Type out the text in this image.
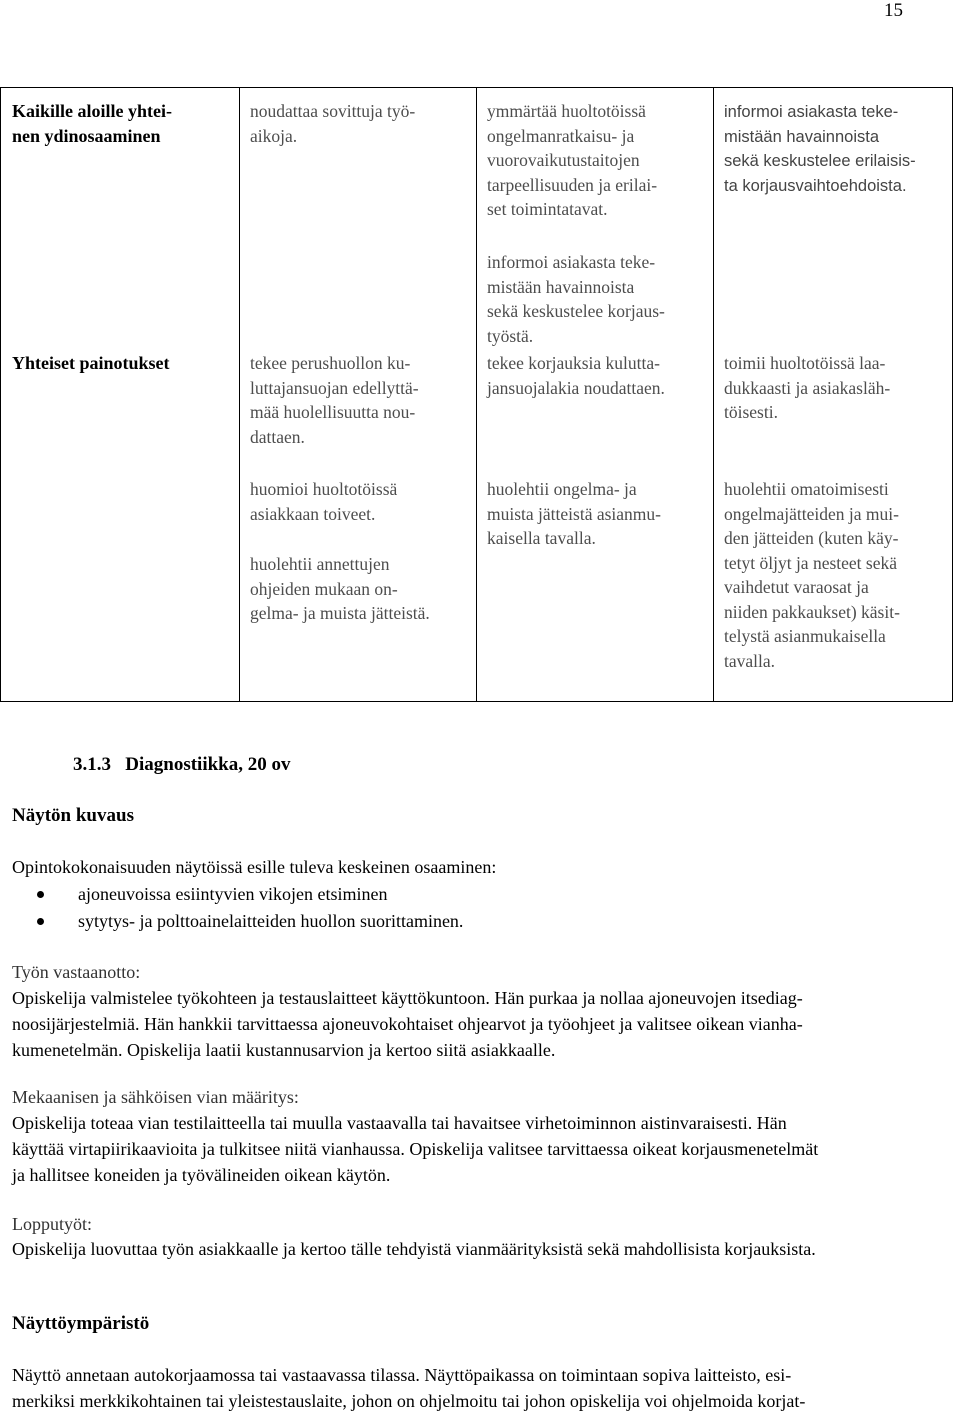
15
Kaikille aloille yhtei-
nen ydinosaaminen
noudattaa sovittuja työ-
aikoja.
ymmärtää huoltotöissä
ongelmanratkaisu- ja
vuorovaikutustaitojen
tarpeellisuuden ja erilai-
set toimintatavat.
informoi asiakasta teke-
mistään havainnoista
sekä keskustelee erilaisis-
ta korjausvaihtoehdoista.
Yhteiset painotukset	tekee perushuollon ku-
luttajansuojan edellyttä-
mää huolellisuutta nou-
dattaen.
informoi asiakasta teke-
mistään havainnoista
sekä keskustelee korjaus-
työstä.
tekee korjauksia kulutta-
jansuojalakia noudattaen.
toimii huoltotöissä laa-
dukkaasti ja asiakasläh-
töisesti.
huomioi huoltotöissä
asiakkaan toiveet.
huolehtii annettujen
ohjeiden mukaan on-
gelma- ja muista jätteistä.
huolehtii ongelma- ja
muista jätteistä asianmu-
kaisella tavalla.
huolehtii omatoimisesti
ongelmajätteiden ja mui-
den jätteiden (kuten käy-
tetyt öljyt ja nesteet sekä
vaihdetut varaosat ja
niiden pakkaukset) käsit-
telystä asianmukaisella
tavalla.
3.1.3 Diagnostiikka, 20 ov
Näytön kuvaus
Opintokokonaisuuden näytöissä esille tuleva keskeinen osaaminen:
ajoneuvoissa esiintyvien vikojen etsiminen
sytytys- ja polttoainelaitteiden huollon suorittaminen.
Työn vastaanotto:
Opiskelija valmistelee työkohteen ja testauslaitteet käyttökuntoon. Hän purkaa ja nollaa ajoneuvojen itsediag-
noosijärjestelmiä. Hän hankkii tarvittaessa ajoneuvokohtaiset ohjearvot ja työohjeet ja valitsee oikean vianha-
kumenetelmän. Opiskelija laatii kustannusarvion ja kertoo siitä asiakkaalle.
Mekaanisen ja sähköisen vian määritys:
Opiskelija toteaa vian testilaitteella tai muulla vastaavalla tai havaitsee virhetoiminnon aistinvaraisesti. Hän
käyttää virtapiirikaavioita ja tulkitsee niitä vianhaussa. Opiskelija valitsee tarvittaessa oikeat korjausmenetelmät
ja hallitsee koneiden ja työvälineiden oikean käytön.
Lopputyöt:
Opiskelija luovuttaa työn asiakkaalle ja kertoo tälle tehdyistä vianmäärityksistä sekä mahdollisista korjauksista.
Näyttöympäristö
Näyttö annetaan autokorjaamossa tai vastaavassa tilassa. Näyttöpaikassa on toimintaan sopiva laitteisto, esi-
merkiksi merkkikohtainen tai yleistestauslaite, johon on ohjelmoitu tai johon opiskelija voi ohjelmoida korjat-
